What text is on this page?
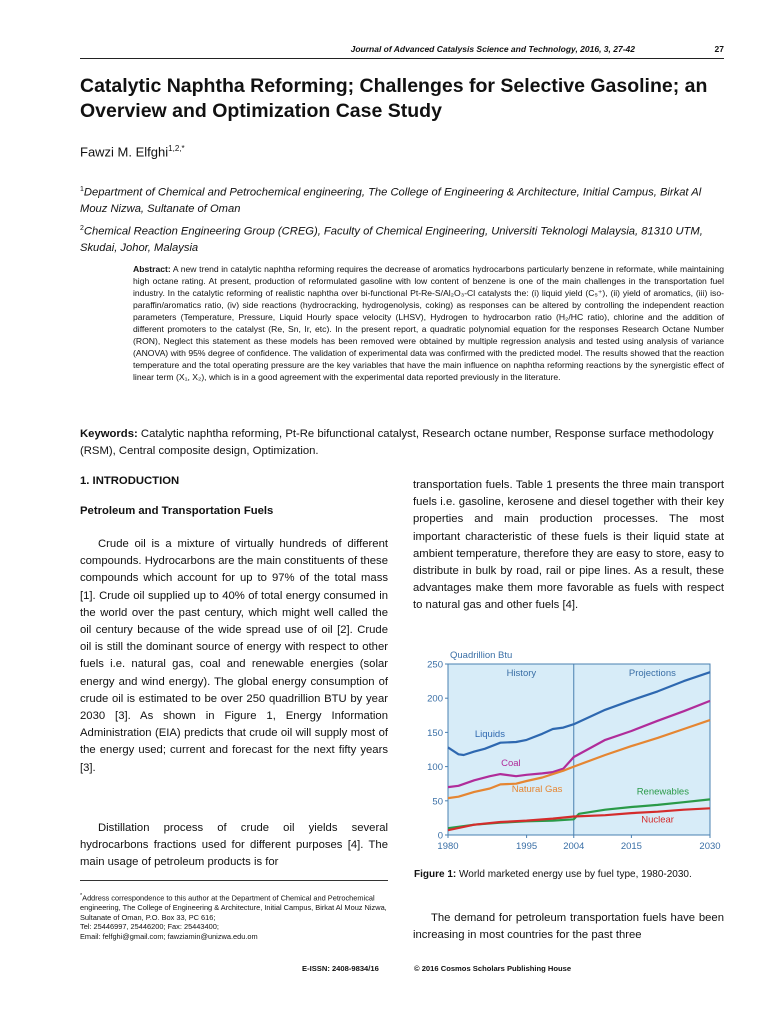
Journal of Advanced Catalysis Science and Technology, 2016, 3, 27-42	27
Catalytic Naphtha Reforming; Challenges for Selective Gasoline; an Overview and Optimization Case Study
Fawzi M. Elfghi$^{1,2,*}$
$^1$Department of Chemical and Petrochemical engineering, The College of Engineering & Architecture, Initial Campus, Birkat Al Mouz Nizwa, Sultanate of Oman
$^2$Chemical Reaction Engineering Group (CREG), Faculty of Chemical Engineering, Universiti Teknologi Malaysia, 81310 UTM, Skudai, Johor, Malaysia
Abstract: A new trend in catalytic naphtha reforming requires the decrease of aromatics hydrocarbons particularly benzene in reformate, while maintaining high octane rating. At present, production of reformulated gasoline with low content of benzene is one of the main challenges in the transportation fuel industry. In the catalytic reforming of realistic naphtha over bi-functional Pt-Re-S/Al₂O₃-Cl catalysts the: (i) liquid yield (C₅⁺), (ii) yield of aromatics, (iii) iso-paraffin/aromatics ratio, (iv) side reactions (hydrocracking, hydrogenolysis, coking) as responses can be altered by controlling the independent reaction parameters (Temperature, Pressure, Liquid Hourly space velocity (LHSV), Hydrogen to hydrocarbon ratio (H₂/HC ratio), chlorine and the addition of different promoters to the catalyst (Re, Sn, Ir, etc). In the present report, a quadratic polynomial equation for the responses Research Octane Number (RON), Neglect this statement as these models has been removed were obtained by multiple regression analysis and tested using analysis of variance (ANOVA) with 95% degree of confidence. The validation of experimental data was confirmed with the predicted model. The results showed that the reaction temperature and the total operating pressure are the key variables that have the main influence on naphtha reforming reactions by the synergistic effect of linear term (X₁, X₂), which is in a good agreement with the experimental data reported previously in the literature.
Keywords: Catalytic naphtha reforming, Pt-Re bifunctional catalyst, Research octane number, Response surface methodology (RSM), Central composite design, Optimization.
1. INTRODUCTION
Petroleum and Transportation Fuels
Crude oil is a mixture of virtually hundreds of different compounds. Hydrocarbons are the main constituents of these compounds which account for up to 97% of the total mass [1]. Crude oil supplied up to 40% of total energy consumed in the world over the past century, which might well called the oil century because of the wide spread use of oil [2]. Crude oil is still the dominant source of energy with respect to other fuels i.e. natural gas, coal and renewable energies (solar energy and wind energy). The global energy consumption of crude oil is estimated to be over 250 quadrillion BTU by year 2030 [3]. As shown in Figure 1, Energy Information Administration (EIA) predicts that crude oil will supply most of the energy used; current and forecast for the next fifty years [3].
Distillation process of crude oil yields several hydrocarbons fractions used for different purposes [4]. The main usage of petroleum products is for
transportation fuels. Table 1 presents the three main transport fuels i.e. gasoline, kerosene and diesel together with their key properties and main production processes. The most important characteristic of these fuels is their liquid state at ambient temperature, therefore they are easy to store, easy to distribute in bulk by road, rail or pipe lines. As a result, these advantages make them more favorable as fuels with respect to natural gas and other fuels [4].
Quadrillion Btu
0
50
100
150
200
250
1980	1995	2004	2015	2030
History	Projections
Liquids
Coal
Natural Gas	Renewables
Nuclear
Figure 1: World marketed energy use by fuel type, 1980-2030.
The demand for petroleum transportation fuels have been increasing in most countries for the past three
*Address correspondence to this author at the Department of Chemical and Petrochemical engineering, The College of Engineering & Architecture, Initial Campus, Birkat Al Mouz Nizwa, Sultanate of Oman, P.O. Box 33, PC 616;
Tel: 25446997, 25446200; Fax: 25443400;
Email: felfghi@gmail.com; fawziamin@unizwa.edu.om
E-ISSN: 2408-9834/16	© 2016 Cosmos Scholars Publishing House
